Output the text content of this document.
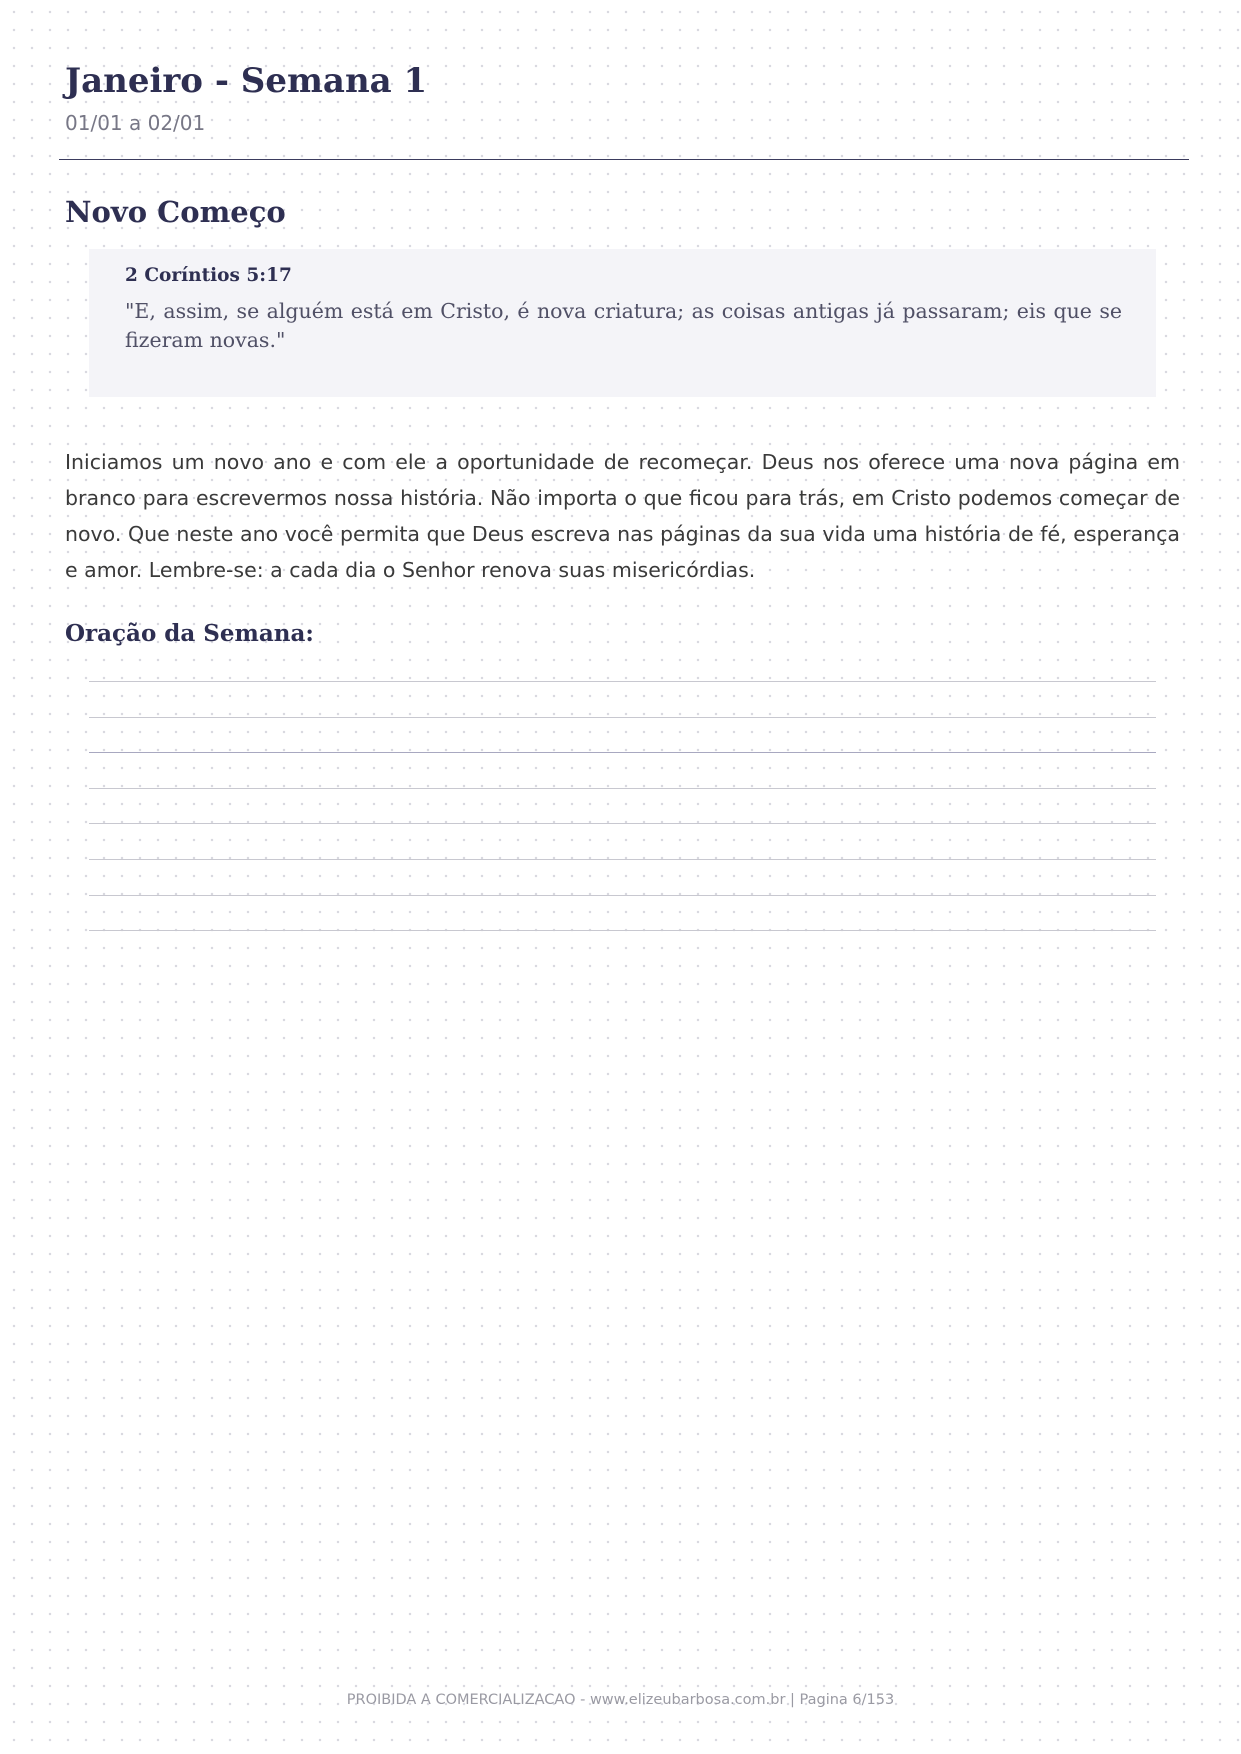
Janeiro - Semana 1
01/01 a 02/01
Novo Começo
2 Coríntios 5:17
"E, assim, se alguém está em Cristo, é nova criatura; as coisas antigas já passaram; eis que se fizeram novas."

Iniciamos um novo ano e com ele a oportunidade de recomeçar. Deus nos oferece uma nova página em branco para escrevermos nossa história. Não importa o que ficou para trás, em Cristo podemos começar de novo. Que neste ano você permita que Deus escreva nas páginas da sua vida uma história de fé, esperança e amor. Lembre-se: a cada dia o Senhor renova suas misericórdias.

Oração da Semana:
PROIBIDA A COMERCIALIZACAO - www.elizeubarbosa.com.br | Pagina 6/153
